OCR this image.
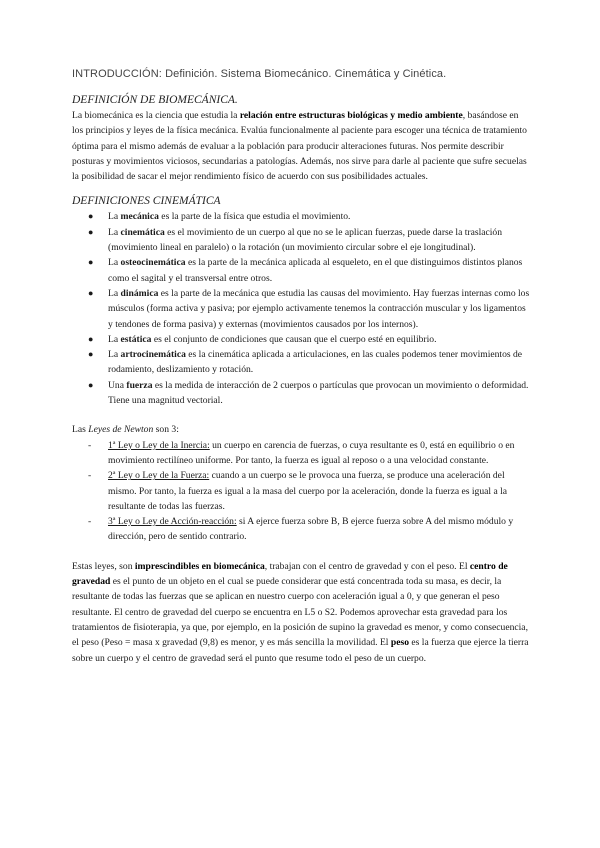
INTRODUCCIÓN: Definición. Sistema Biomecánico. Cinemática y Cinética.
DEFINICIÓN DE BIOMECÁNICA.

La biomecánica es la ciencia que estudia la relación entre estructuras biológicas y medio ambiente, basándose en los principios y leyes de la física mecánica. Evalúa funcionalmente al paciente para escoger una técnica de tratamiento óptima para el mismo además de evaluar a la población para producir alteraciones futuras. Nos permite describir posturas y movimientos viciosos, secundarias a patologías. Además, nos sirve para darle al paciente que sufre secuelas la posibilidad de sacar el mejor rendimiento físico de acuerdo con sus posibilidades actuales.

DEFINICIONES CINEMÁTICA
● La mecánica es la parte de la física que estudia el movimiento.
● La cinemática es el movimiento de un cuerpo al que no se le aplican fuerzas, puede darse la traslación (movimiento lineal en paralelo) o la rotación (un movimiento circular sobre el eje longitudinal).
● La osteocinemática es la parte de la mecánica aplicada al esqueleto, en el que distinguimos distintos planos como el sagital y el transversal entre otros.
● La dinámica es la parte de la mecánica que estudia las causas del movimiento. Hay fuerzas internas como los músculos (forma activa y pasiva; por ejemplo activamente tenemos la contracción muscular y los ligamentos y tendones de forma pasiva) y externas (movimientos causados por los internos).
● La estática es el conjunto de condiciones que causan que el cuerpo esté en equilibrio.
● La artrocinemática es la cinemática aplicada a articulaciones, en las cuales podemos tener movimientos de rodamiento, deslizamiento y rotación.
● Una fuerza es la medida de interacción de 2 cuerpos o partículas que provocan un movimiento o deformidad. Tiene una magnitud vectorial.

Las Leyes de Newton son 3:

- 1ª Ley o Ley de la Inercia: un cuerpo en carencia de fuerzas, o cuya resultante es 0, está en equilibrio o en movimiento rectilíneo uniforme. Por tanto, la fuerza es igual al reposo o a una velocidad constante.
- 2ª Ley o Ley de la Fuerza: cuando a un cuerpo se le provoca una fuerza, se produce una aceleración del mismo. Por tanto, la fuerza es igual a la masa del cuerpo por la aceleración, donde la fuerza es igual a la resultante de todas las fuerzas.
- 3ª Ley o Ley de Acción-reacción: si A ejerce fuerza sobre B, B ejerce fuerza sobre A del mismo módulo y dirección, pero de sentido contrario.

Estas leyes, son imprescindibles en biomecánica, trabajan con el centro de gravedad y con el peso. El centro de gravedad es el punto de un objeto en el cual se puede considerar que está concentrada toda su masa, es decir, la resultante de todas las fuerzas que se aplican en nuestro cuerpo con aceleración igual a 0, y que generan el peso resultante. El centro de gravedad del cuerpo se encuentra en L5 o S2. Podemos aprovechar esta gravedad para los tratamientos de fisioterapia, ya que, por ejemplo, en la posición de supino la gravedad es menor, y como consecuencia, el peso (Peso = masa x gravedad (9,8) es menor, y es más sencilla la movilidad. El peso es la fuerza que ejerce la tierra sobre un cuerpo y el centro de gravedad será el punto que resume todo el peso de un cuerpo.
